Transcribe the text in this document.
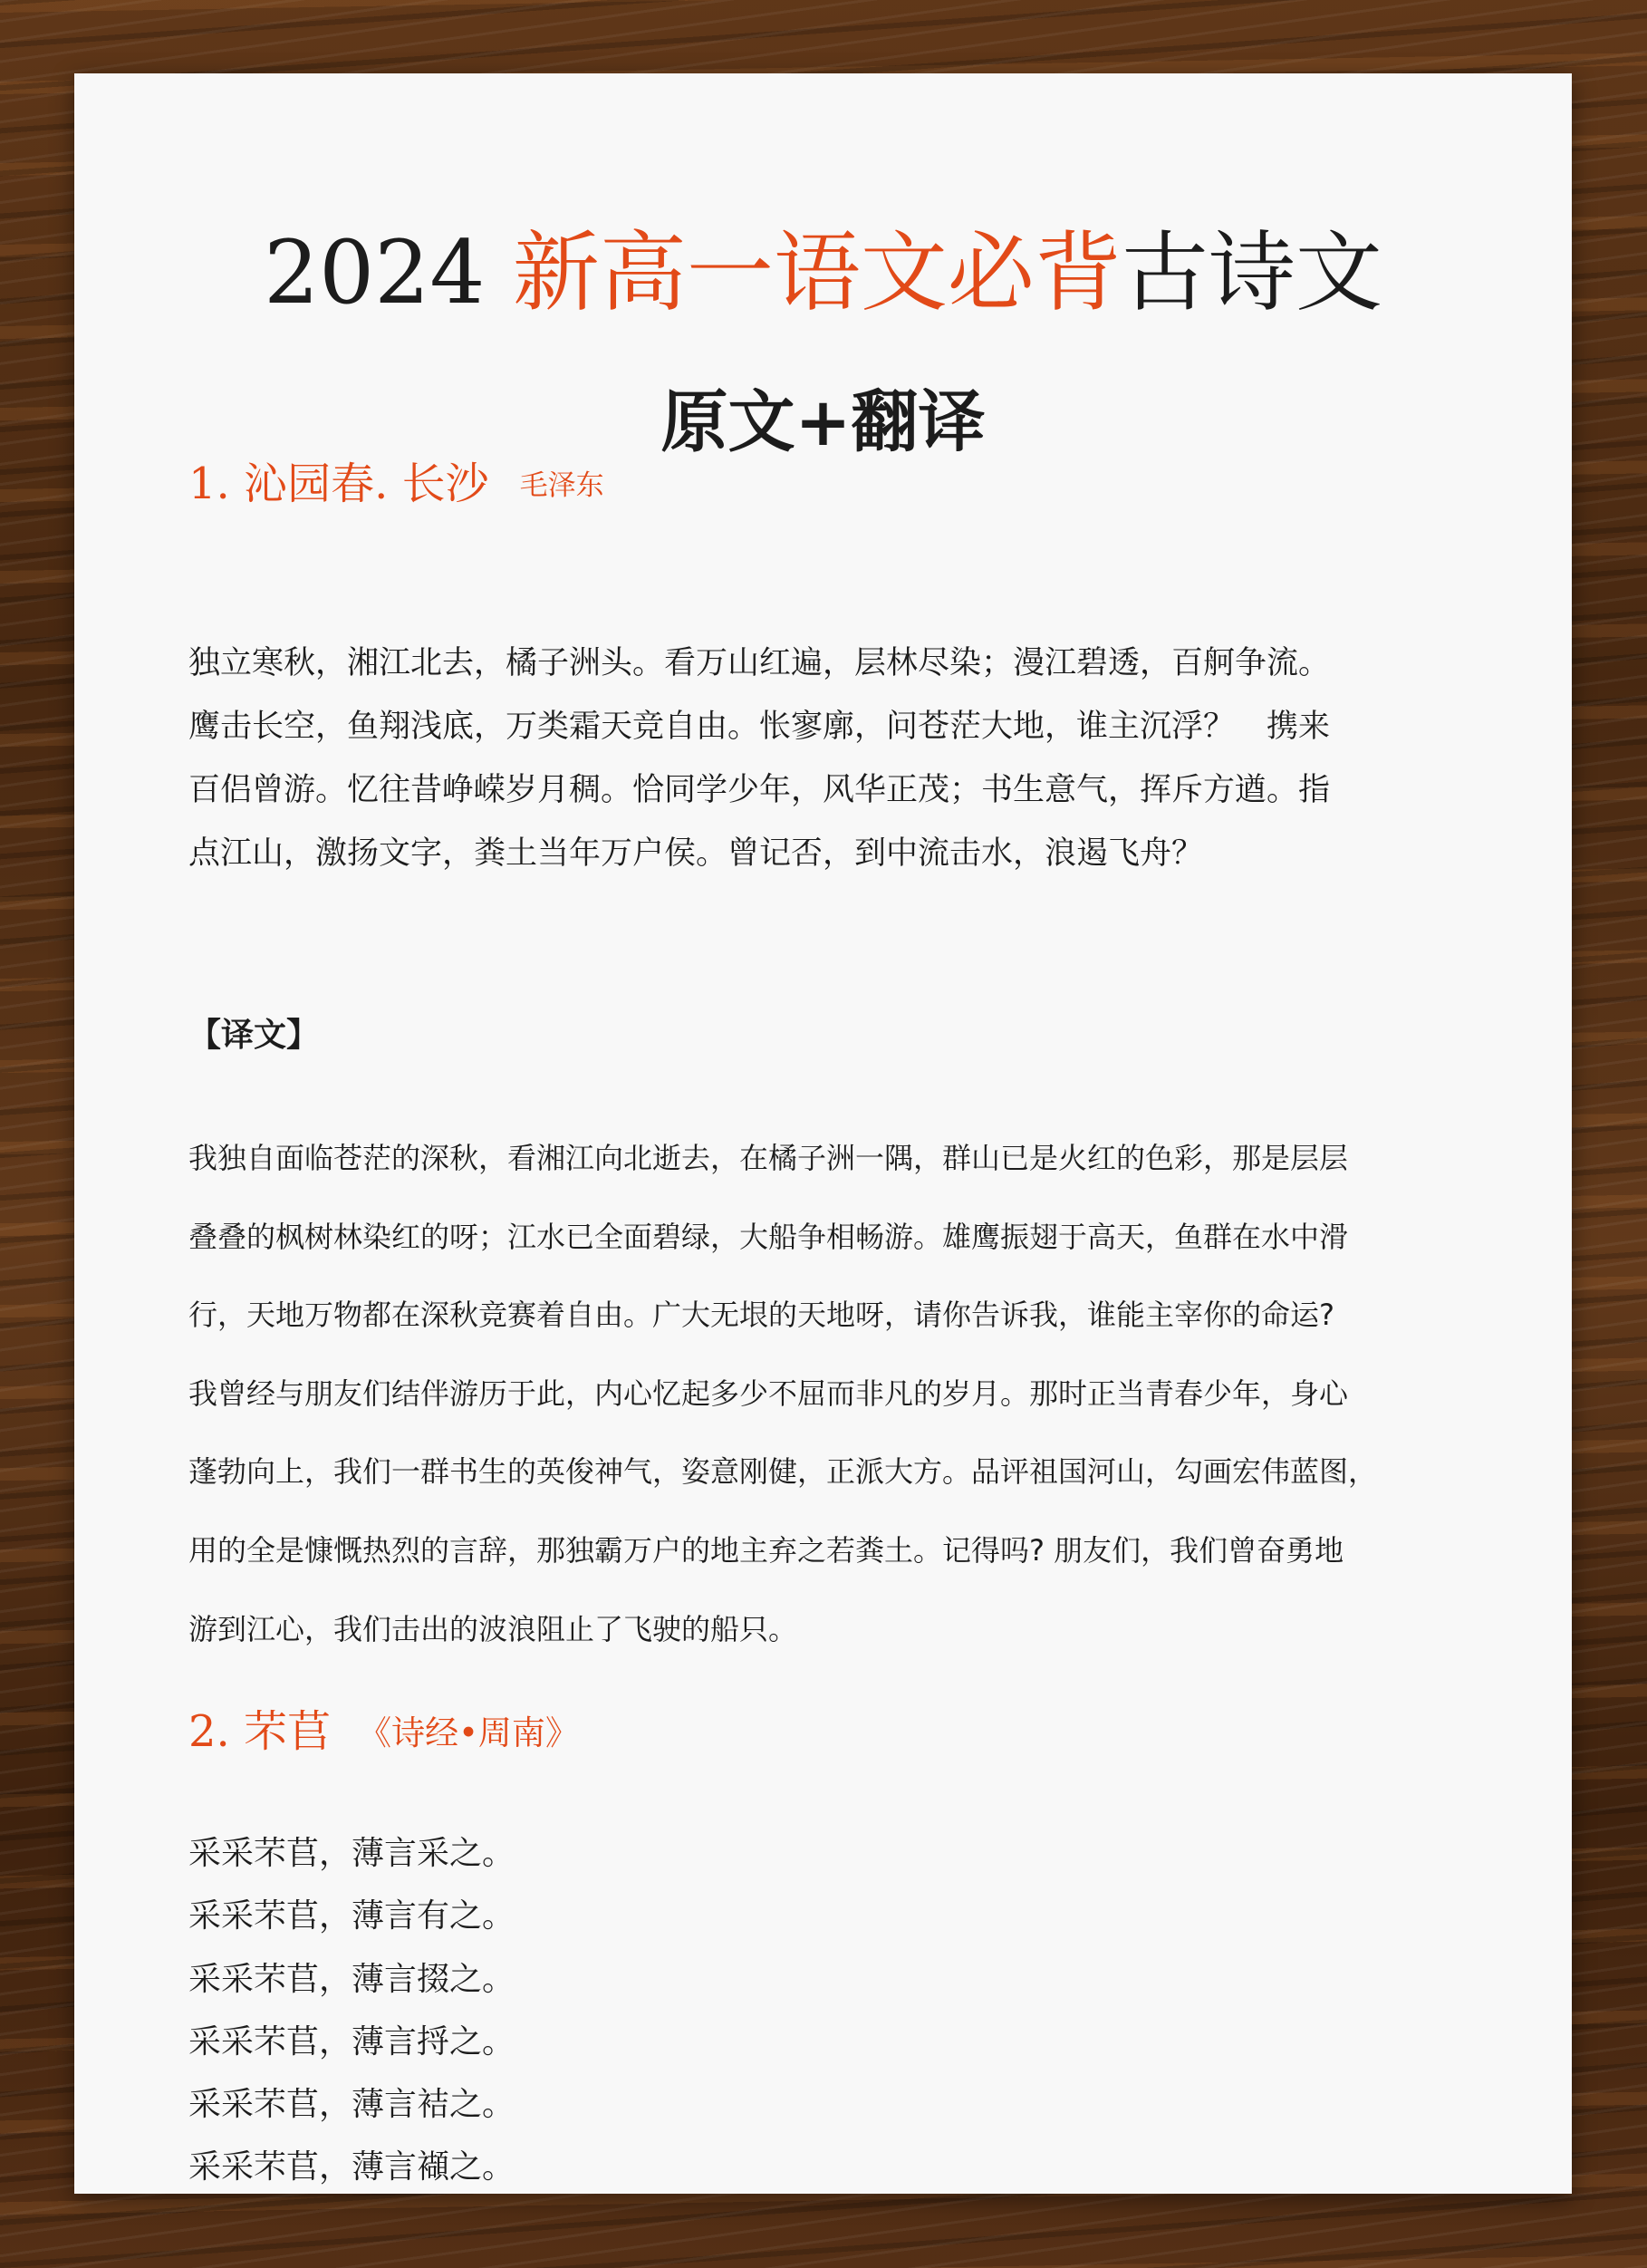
2024 新高一语文必背古诗文
原文+翻译
1. 沁园春. 长沙 毛泽东
独立寒秋，湘江北去，橘子洲头。看万山红遍，层林尽染；漫江碧透，百舸争流。
鹰击长空，鱼翔浅底，万类霜天竞自由。怅寥廓，问苍茫大地，谁主沉浮？　携来
百侣曾游。忆往昔峥嵘岁月稠。恰同学少年，风华正茂；书生意气，挥斥方遒。指
点江山，激扬文字，粪土当年万户侯。曾记否，到中流击水，浪遏飞舟？
【译文】
我独自面临苍茫的深秋，看湘江向北逝去，在橘子洲一隅，群山已是火红的色彩，那是层层
叠叠的枫树林染红的呀；江水已全面碧绿，大船争相畅游。雄鹰振翅于高天，鱼群在水中滑
行，天地万物都在深秋竞赛着自由。广大无垠的天地呀，请你告诉我，谁能主宰你的命运?
我曾经与朋友们结伴游历于此，内心忆起多少不屈而非凡的岁月。那时正当青春少年，身心
蓬勃向上，我们一群书生的英俊神气，姿意刚健，正派大方。品评祖国河山，勾画宏伟蓝图，
用的全是慷慨热烈的言辞，那独霸万户的地主弃之若粪土。记得吗? 朋友们，我们曾奋勇地
游到江心，我们击出的波浪阻止了飞驶的船只。
2. 芣苢 《诗经•周南》
采采芣苢，薄言采之。
采采芣苢，薄言有之。
采采芣苢，薄言掇之。
采采芣苢，薄言捋之。
采采芣苢，薄言袺之。
采采芣苢，薄言襭之。
